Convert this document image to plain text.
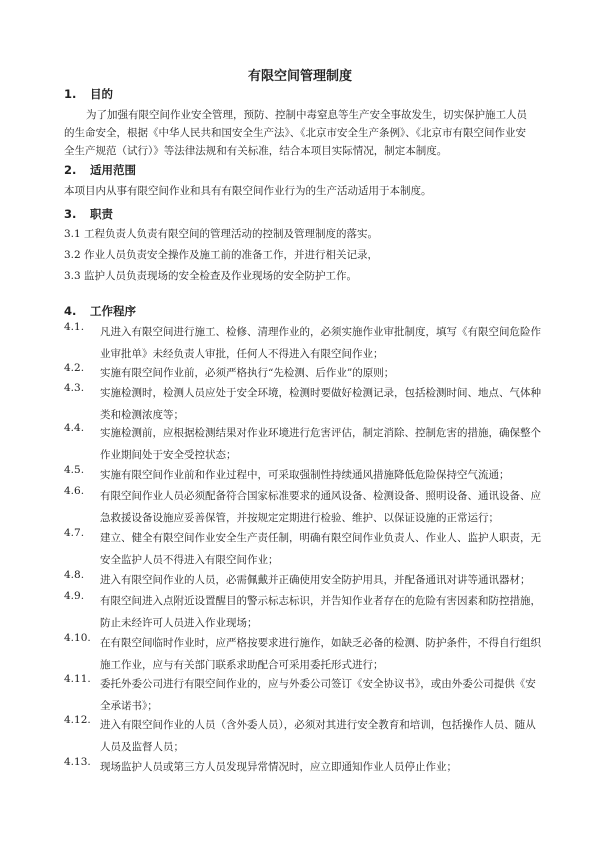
有限空间管理制度
1. 目的
为了加强有限空间作业安全管理，预防、控制中毒窒息等生产安全事故发生，切实保护施工人员
的生命安全，根据《中华人民共和国安全生产法》、《北京市安全生产条例》、《北京市有限空间作业安
全生产规范（试行）》等法律法规和有关标准，结合本项目实际情况，制定本制度。
2. 适用范围
本项目内从事有限空间作业和具有有限空间作业行为的生产活动适用于本制度。
3. 职责
3.1 工程负责人负责有限空间的管理活动的控制及管理制度的落实。
3.2 作业人员负责安全操作及施工前的准备工作，并进行相关记录，
3.3 监护人员负责现场的安全检查及作业现场的安全防护工作。
4. 工作程序
4.1.	凡进入有限空间进行施工、检修、清理作业的，必须实施作业审批制度，填写《有限空间危险作
业审批单》未经负责人审批，任何人不得进入有限空间作业；
4.2.	实施有限空间作业前，必须严格执行“先检测、后作业”的原则；
4.3.	实施检测时，检测人员应处于安全环境，检测时要做好检测记录，包括检测时间、地点、气体种
类和检测浓度等；
4.4.	实施检测前，应根据检测结果对作业环境进行危害评估，制定消除、控制危害的措施，确保整个
作业期间处于安全受控状态；
4.5.	实施有限空间作业前和作业过程中，可采取强制性持续通风措施降低危险保持空气流通；
4.6.	有限空间作业人员必须配备符合国家标准要求的通风设备、检测设备、照明设备、通讯设备、应
急救援设备设施应妥善保管，并按规定定期进行检验、维护、以保证设施的正常运行；
4.7.	建立、健全有限空间作业安全生产责任制，明确有限空间作业负责人、作业人、监护人职责，无
安全监护人员不得进入有限空间作业；
4.8.	进入有限空间作业的人员，必需佩戴并正确使用安全防护用具，并配备通讯对讲等通讯器材；
4.9.	有限空间进入点附近设置醒目的警示标志标识，并告知作业者存在的危险有害因素和防控措施，
防止未经许可人员进入作业现场；
4.10. 在有限空间临时作业时，应严格按要求进行施作，如缺乏必备的检测、防护条件，不得自行组织
施工作业，应与有关部门联系求助配合可采用委托形式进行；
4.11. 委托外委公司进行有限空间作业的，应与外委公司签订《安全协议书》，或由外委公司提供《安
全承诺书》；
4.12. 进入有限空间作业的人员（含外委人员），必须对其进行安全教育和培训，包括操作人员、随从
人员及监督人员；
4.13. 现场监护人员或第三方人员发现异常情况时，应立即通知作业人员停止作业；
